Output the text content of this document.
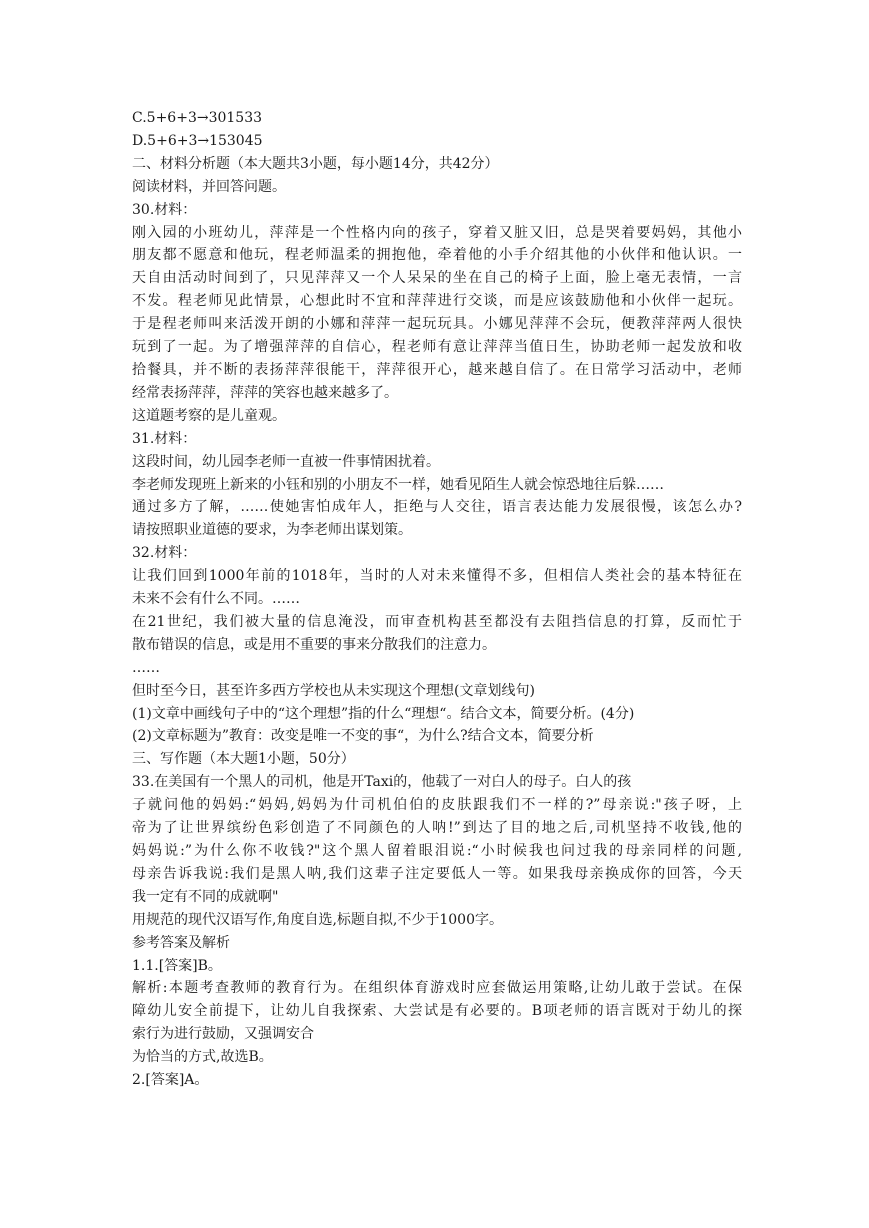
C.5+6+3→301533
D.5+6+3→153045
二、材料分析题（本大题共3小题，每小题14分，共42分）
阅读材料，并回答问题。
30.材料：
刚入园的小班幼儿，萍萍是一个性格内向的孩子，穿着又脏又旧，总是哭着要妈妈，其他小
朋友都不愿意和他玩，程老师温柔的拥抱他，牵着他的小手介绍其他的小伙伴和他认识。一
天自由活动时间到了，只见萍萍又一个人呆呆的坐在自己的椅子上面，脸上毫无表情，一言
不发。程老师见此情景，心想此时不宜和萍萍进行交谈，而是应该鼓励他和小伙伴一起玩。
于是程老师叫来活泼开朗的小娜和萍萍一起玩玩具。小娜见萍萍不会玩，便教萍萍两人很快
玩到了一起。为了增强萍萍的自信心，程老师有意让萍萍当值日生，协助老师一起发放和收
拾餐具，并不断的表扬萍萍很能干，萍萍很开心，越来越自信了。在日常学习活动中，老师
经常表扬萍萍，萍萍的笑容也越来越多了。
这道题考察的是儿童观。
31.材料：
这段时间，幼儿园李老师一直被一件事情困扰着。
李老师发现班上新来的小钰和别的小朋友不一样，她看见陌生人就会惊恐地往后躲……
通过多方了解，……使她害怕成年人，拒绝与人交往，语言表达能力发展很慢，该怎么办?
请按照职业道德的要求，为李老师出谋划策。
32.材料：
让我们回到1000年前的1018年，当时的人对未来懂得不多，但相信人类社会的基本特征在
未来不会有什么不同。……
在21世纪，我们被大量的信息淹没，而审查机构甚至都没有去阻挡信息的打算，反而忙于
散布错误的信息，或是用不重要的事来分散我们的注意力。
……
但时至今日，甚至许多西方学校也从未实现这个理想(文章划线句)
(1)文章中画线句子中的“这个理想”指的什么“理想“。结合文本，简要分析。(4分)
(2)文章标题为”教育：改变是唯一不变的事“，为什么?结合文本，简要分析
三、写作题（本大题1小题，50分）
33.在美国有一个黑人的司机，他是开Taxi的，他载了一对白人的母子。白人的孩
子就问他的妈妈:“妈妈,妈妈为什司机伯伯的皮肤跟我们不一样的?”母亲说:"孩子呀，上
帝为了让世界缤纷色彩创造了不同颜色的人呐!”到达了目的地之后,司机坚持不收钱,他的
妈妈说:”为什么你不收钱?"这个黑人留着眼泪说:“小时候我也问过我的母亲同样的问题,
母亲告诉我说:我们是黑人呐,我们这辈子注定要低人一等。如果我母亲换成你的回答，今天
我一定有不同的成就啊"
用规范的现代汉语写作,角度自选,标题自拟,不少于1000字。
参考答案及解析
1.1.[答案]B。
解析:本题考查教师的教育行为。在组织体育游戏时应套做运用策略,让幼儿敢于尝试。在保
障幼儿安全前提下，让幼儿自我探索、大尝试是有必要的。B项老师的语言既对于幼儿的探
索行为进行鼓励，又强调安合
为恰当的方式,故选B。
2.[答案]A。
